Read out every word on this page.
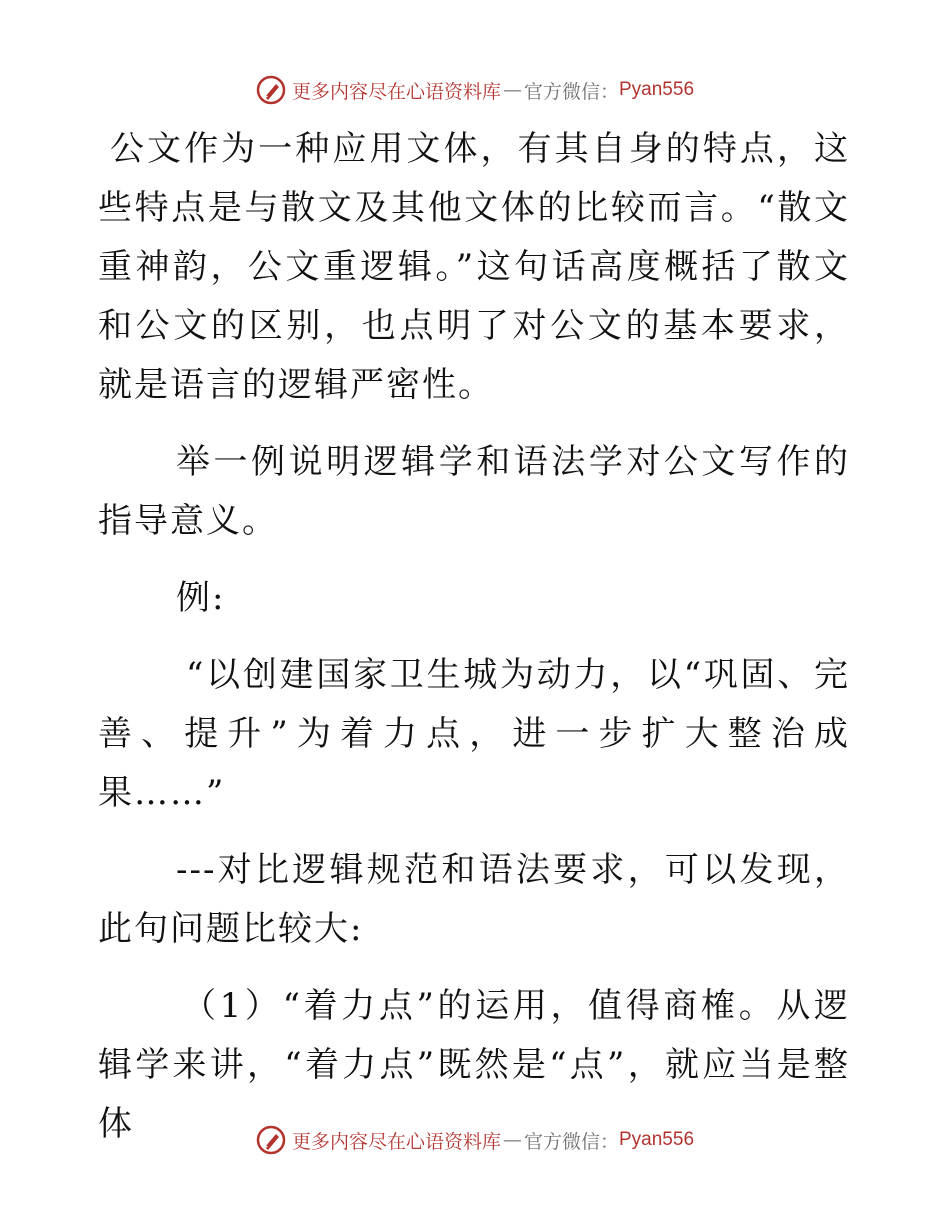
更多内容尽在心语资料库 — 官方微信： Pyan556

公文作为一种应用文体，有其自身的特点，这些特点是与散文及其他文体的比较而言。“散文重神韵，公文重逻辑。”这句话高度概括了散文和公文的区别，也点明了对公文的基本要求，就是语言的逻辑严密性。

举一例说明逻辑学和语法学对公文写作的指导意义。

例:

“以创建国家卫生城为动力，以“巩固、完善、提升”为着力点，进一步扩大整治成果……”

---对比逻辑规范和语法要求，可以发现，此句问题比较大:

（1）“着力点”的运用，值得商榷。从逻辑学来讲，“着力点”既然是“点”，就应当是整体	更多内容尽在心语资料库 — 官方微信： Pyan556
